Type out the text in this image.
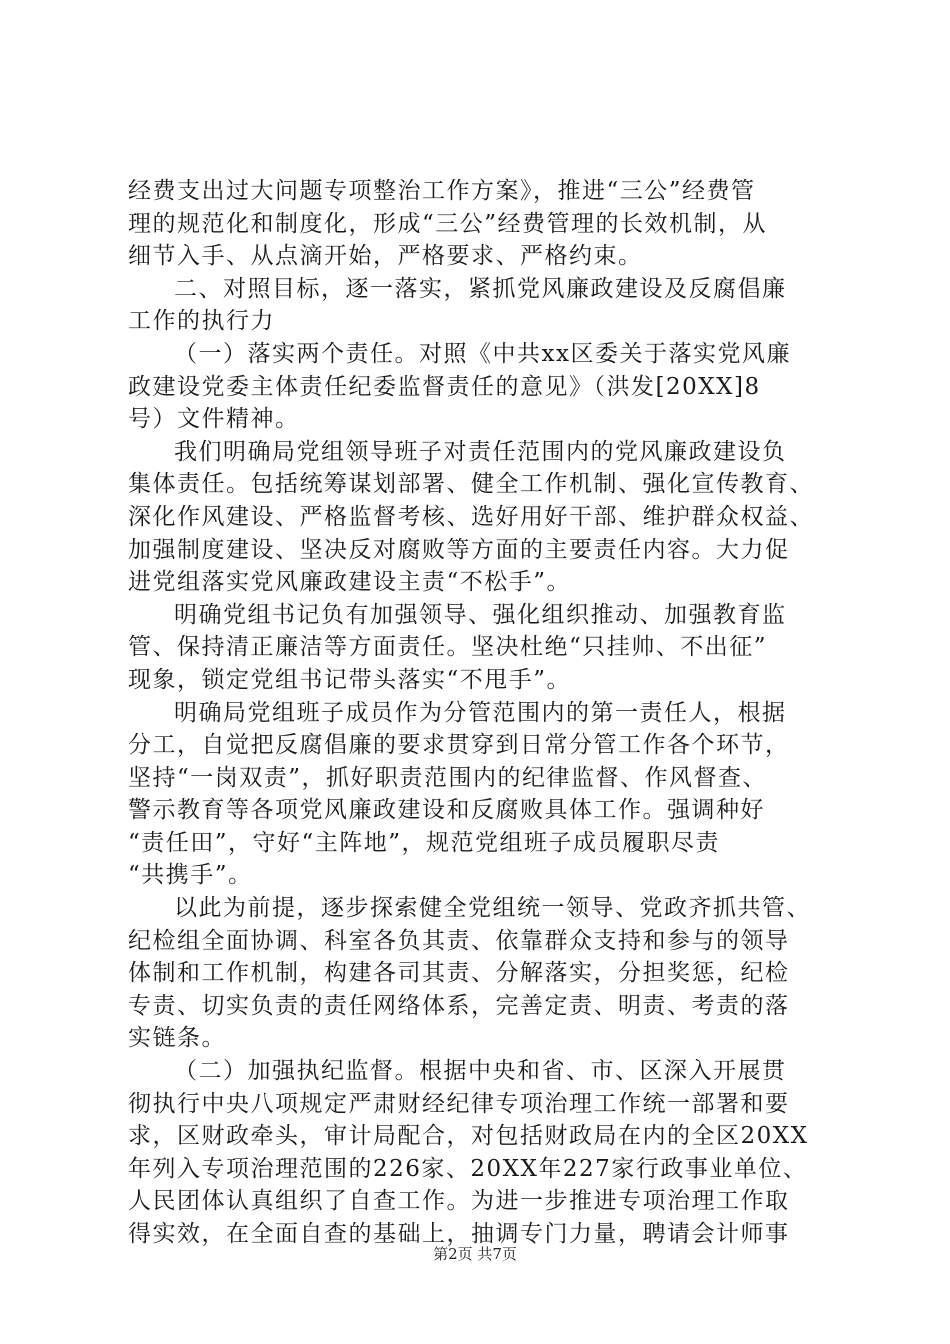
经费支出过大问题专项整治工作方案》，推进“三公”经费管
理的规范化和制度化，形成“三公”经费管理的长效机制，从
细节入手、从点滴开始，严格要求、严格约束。
二、对照目标，逐一落实，紧抓党风廉政建设及反腐倡廉
工作的执行力
（一）落实两个责任。对照《中共xx区委关于落实党风廉
政建设党委主体责任纪委监督责任的意见》（洪发[20XX]8
号）文件精神。
我们明确局党组领导班子对责任范围内的党风廉政建设负
集体责任。包括统筹谋划部署、健全工作机制、强化宣传教育、
深化作风建设、严格监督考核、选好用好干部、维护群众权益、
加强制度建设、坚决反对腐败等方面的主要责任内容。大力促
进党组落实党风廉政建设主责“不松手”。
明确党组书记负有加强领导、强化组织推动、加强教育监
管、保持清正廉洁等方面责任。坚决杜绝“只挂帅、不出征”
现象，锁定党组书记带头落实“不甩手”。
明确局党组班子成员作为分管范围内的第一责任人，根据
分工，自觉把反腐倡廉的要求贯穿到日常分管工作各个环节，
坚持“一岗双责”，抓好职责范围内的纪律监督、作风督查、
警示教育等各项党风廉政建设和反腐败具体工作。强调种好
“责任田”，守好“主阵地”，规范党组班子成员履职尽责
“共携手”。
以此为前提，逐步探索健全党组统一领导、党政齐抓共管、
纪检组全面协调、科室各负其责、依靠群众支持和参与的领导
体制和工作机制，构建各司其责、分解落实，分担奖惩，纪检
专责、切实负责的责任网络体系，完善定责、明责、考责的落
实链条。
（二）加强执纪监督。根据中央和省、市、区深入开展贯
彻执行中央八项规定严肃财经纪律专项治理工作统一部署和要
求，区财政牵头，审计局配合，对包括财政局在内的全区20XX
年列入专项治理范围的226家、20XX年227家行政事业单位、
人民团体认真组织了自查工作。为进一步推进专项治理工作取
得实效，在全面自查的基础上，抽调专门力量，聘请会计师事
第2页 共7页
